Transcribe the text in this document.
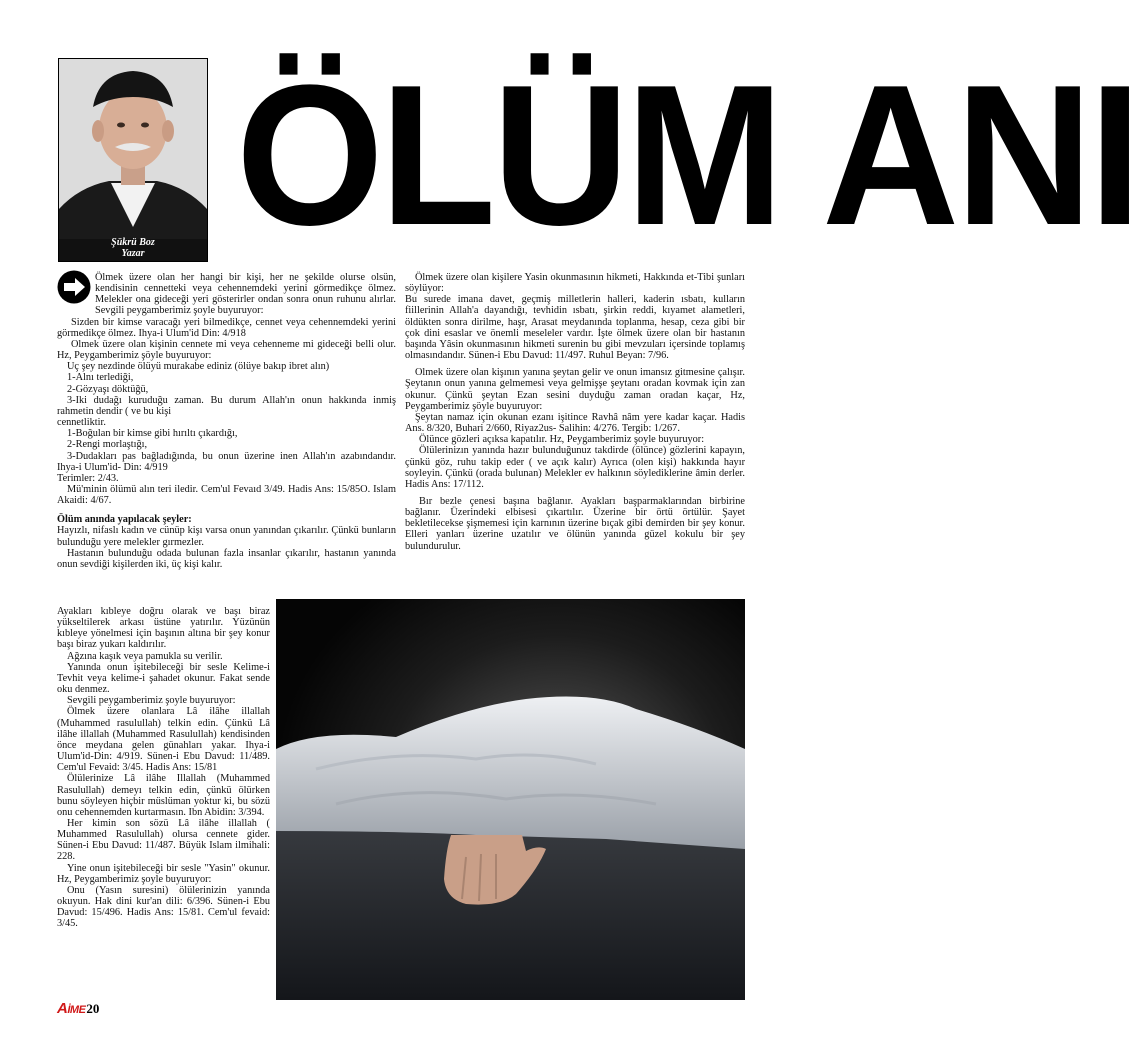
Şükrü Boz
Yazar ÖLÜM ANI

Ölmek üzere olan her hangi bir kişi, her ne şekilde olurse olsün, kendisinin cennetteki veya cehennemdeki yerini görmedikçe ölmez. Melekler ona gideceği yeri gösterirler ondan sonra onun ruhunu alırlar. Sevgili peygamberimiz şoyle buyuruyor:

Sizden bir kimse varacağı yeri bilmedikçe, cennet veya cehennemdeki yerini görmedikçe ölmez. Ihya-i Ulum'id Din: 4/918

Olmek üzere olan kişinin cennete mi veya cehenneme mi gideceği belli olur. Hz, Peygamberimiz şöyle buyuruyor:

Uç şey nezdinde ölüyü murakabe ediniz (ölüye bakıp ibret alın)

1-Alnı terlediği,

2-Gözyaşı döktüğü,

3-Iki dudağı kuruduğu zaman. Bu durum Allah'ın onun hakkında inmiş rahmetin dendir ( ve bu kişi

cennetliktir.

1-Boğulan bir kimse gibi hırıltı çıkardığı,

2-Rengi morlaştığı,

3-Dudakları pas bağladığında, bu onun üzerine inen Allah'ın azabındandır. Ihya-i Ulum'id- Din: 4/919

Terimler: 2/43.

Mü'minin ölümü alın teri iledir. Cem'ul Fevaıd 3/49. Hadis Ans: 15/85O. Islam Akaidi: 4/67.

Ölüm anında yapılacak şeyler:

Hayızlı, nifaslı kadın ve cünüp kişı varsa onun yanından çıkarılır. Çünkü bunların bulunduğu yere melekler gırmezler.

Hastanın bulunduğu odada bulunan fazla insanlar çıkarılır, hastanın yanında onun sevdiği kişilerden iki, üç kişi kalır.

Ayakları kıbleye doğru olarak ve başı biraz yükseltilerek arkası üstüne yatırılır. Yüzünün kıbleye yönelmesi için başının altına bir şey konur başı biraz yukarı kaldırılır.

Ağzına kaşık veya pamukla su verilir.

Yanında onun işitebileceği bir sesle Kelime-i Tevhit veya kelime-i şahadet okunur. Fakat sende oku denmez.

Sevgili peygamberimiz şoyle buyuruyor:

Ölmek üzere olanlara Lâ ilâhe illallah (Muhammed rasulullah) telkin edin. Çünkü Lâ ilâhe illallah (Muhammed Rasulullah) kendisinden önce meydana gelen günahları yakar. Ihya-i Ulum'id-Din: 4/919. Sünen-i Ebu Davud: 11/489. Cem'ul Fevaid: 3/45. Hadis Ans: 15/81

Ölülerinize Lâ ilâhe Illallah (Muhammed Rasulullah) demeyı telkin edin, çünkü ölürken bunu söyleyen hiçbir müslüman yoktur ki, bu sözü onu cehennemden kurtarmasın. Ibn Abidin: 3/394.

Her kimin son sözü Lâ ilâhe illallah ( Muhammed Rasulullah) olursa cennete gider. Sünen-i Ebu Davud: 11/487. Büyük Islam ilmihali: 228.

Yine onun işitebileceği bir sesle "Yasin" okunur. Hz, Peygamberimiz şoyle buyuruyor:

Onu (Yasın suresini) ölülerinizin yanında okuyun. Hak dini kur'an dili: 6/396. Sünen-i Ebu Davud: 15/496. Hadis Ans: 15/81. Cem'ul fevaid: 3/45.

Ölmek üzere olan kişilere Yasin okunmasının hikmeti, Hakkında et-Tibi şunları söylüyor:

Bu surede imana davet, geçmiş milletlerin halleri, kaderin ısbatı, kulların fiillerinin Allah'a dayandığı, tevhidin ısbatı, şirkin reddi, kıyamet alametleri, öldükten sonra dirilme, haşr, Arasat meydanında toplanma, hesap, ceza gibi bir çok dini esaslar ve önemli meseleler vardır. İşte ölmek üzere olan bir hastanın başında Yâsin okunmasının hikmeti surenin bu gibi mevzuları içersinde toplamış olmasındandır. Sünen-i Ebu Davud: 11/497. Ruhul Beyan: 7/96.

Olmek üzere olan kişının yanına şeytan gelir ve onun imansız gitmesine çalışır. Şeytanın onun yanına gelmemesi veya gelmişşe şeytanı oradan kovmak için zan okunur. Çünkü şeytan Ezan sesini duyduğu zaman oradan kaçar, Hz, Peygamberimiz şöyle buyuruyor:

Şeytan namaz için okunan ezanı işitince Ravhâ nâm yere kadar kaçar. Hadis Ans. 8/320, Buhari 2/660, Riyaz2us- Salihin: 4/276. Tergib: 1/267.

Ölünce gözleri açıksa kapatılır. Hz, Peygamberimiz şoyle buyuruyor:

Ölülerinizın yanında hazır bulunduğunuz takdirde (ölünce) gözlerini kapayın, çünkü göz, ruhu takip eder ( ve açık kalır) Ayrıca (olen kişi) hakkında hayır soyleyin. Çünkü (orada bulunan) Melekler ev halkının söylediklerine âmin derler. Hadis Ans: 17/112.

Bır bezle çenesi başına bağlanır. Ayakları başparmaklarından birbirine bağlanır. Üzerindeki elbisesi çıkartılır. Üzerine bir örtü örtülür. Şayet bekletilecekse şişmemesi için karnının üzerine bıçak gibi demirden bir şey konur. Elleri yanları üzerine uzatılır ve ölünün yanında güzel kokulu bir şey bulundurulur.

AİME20
